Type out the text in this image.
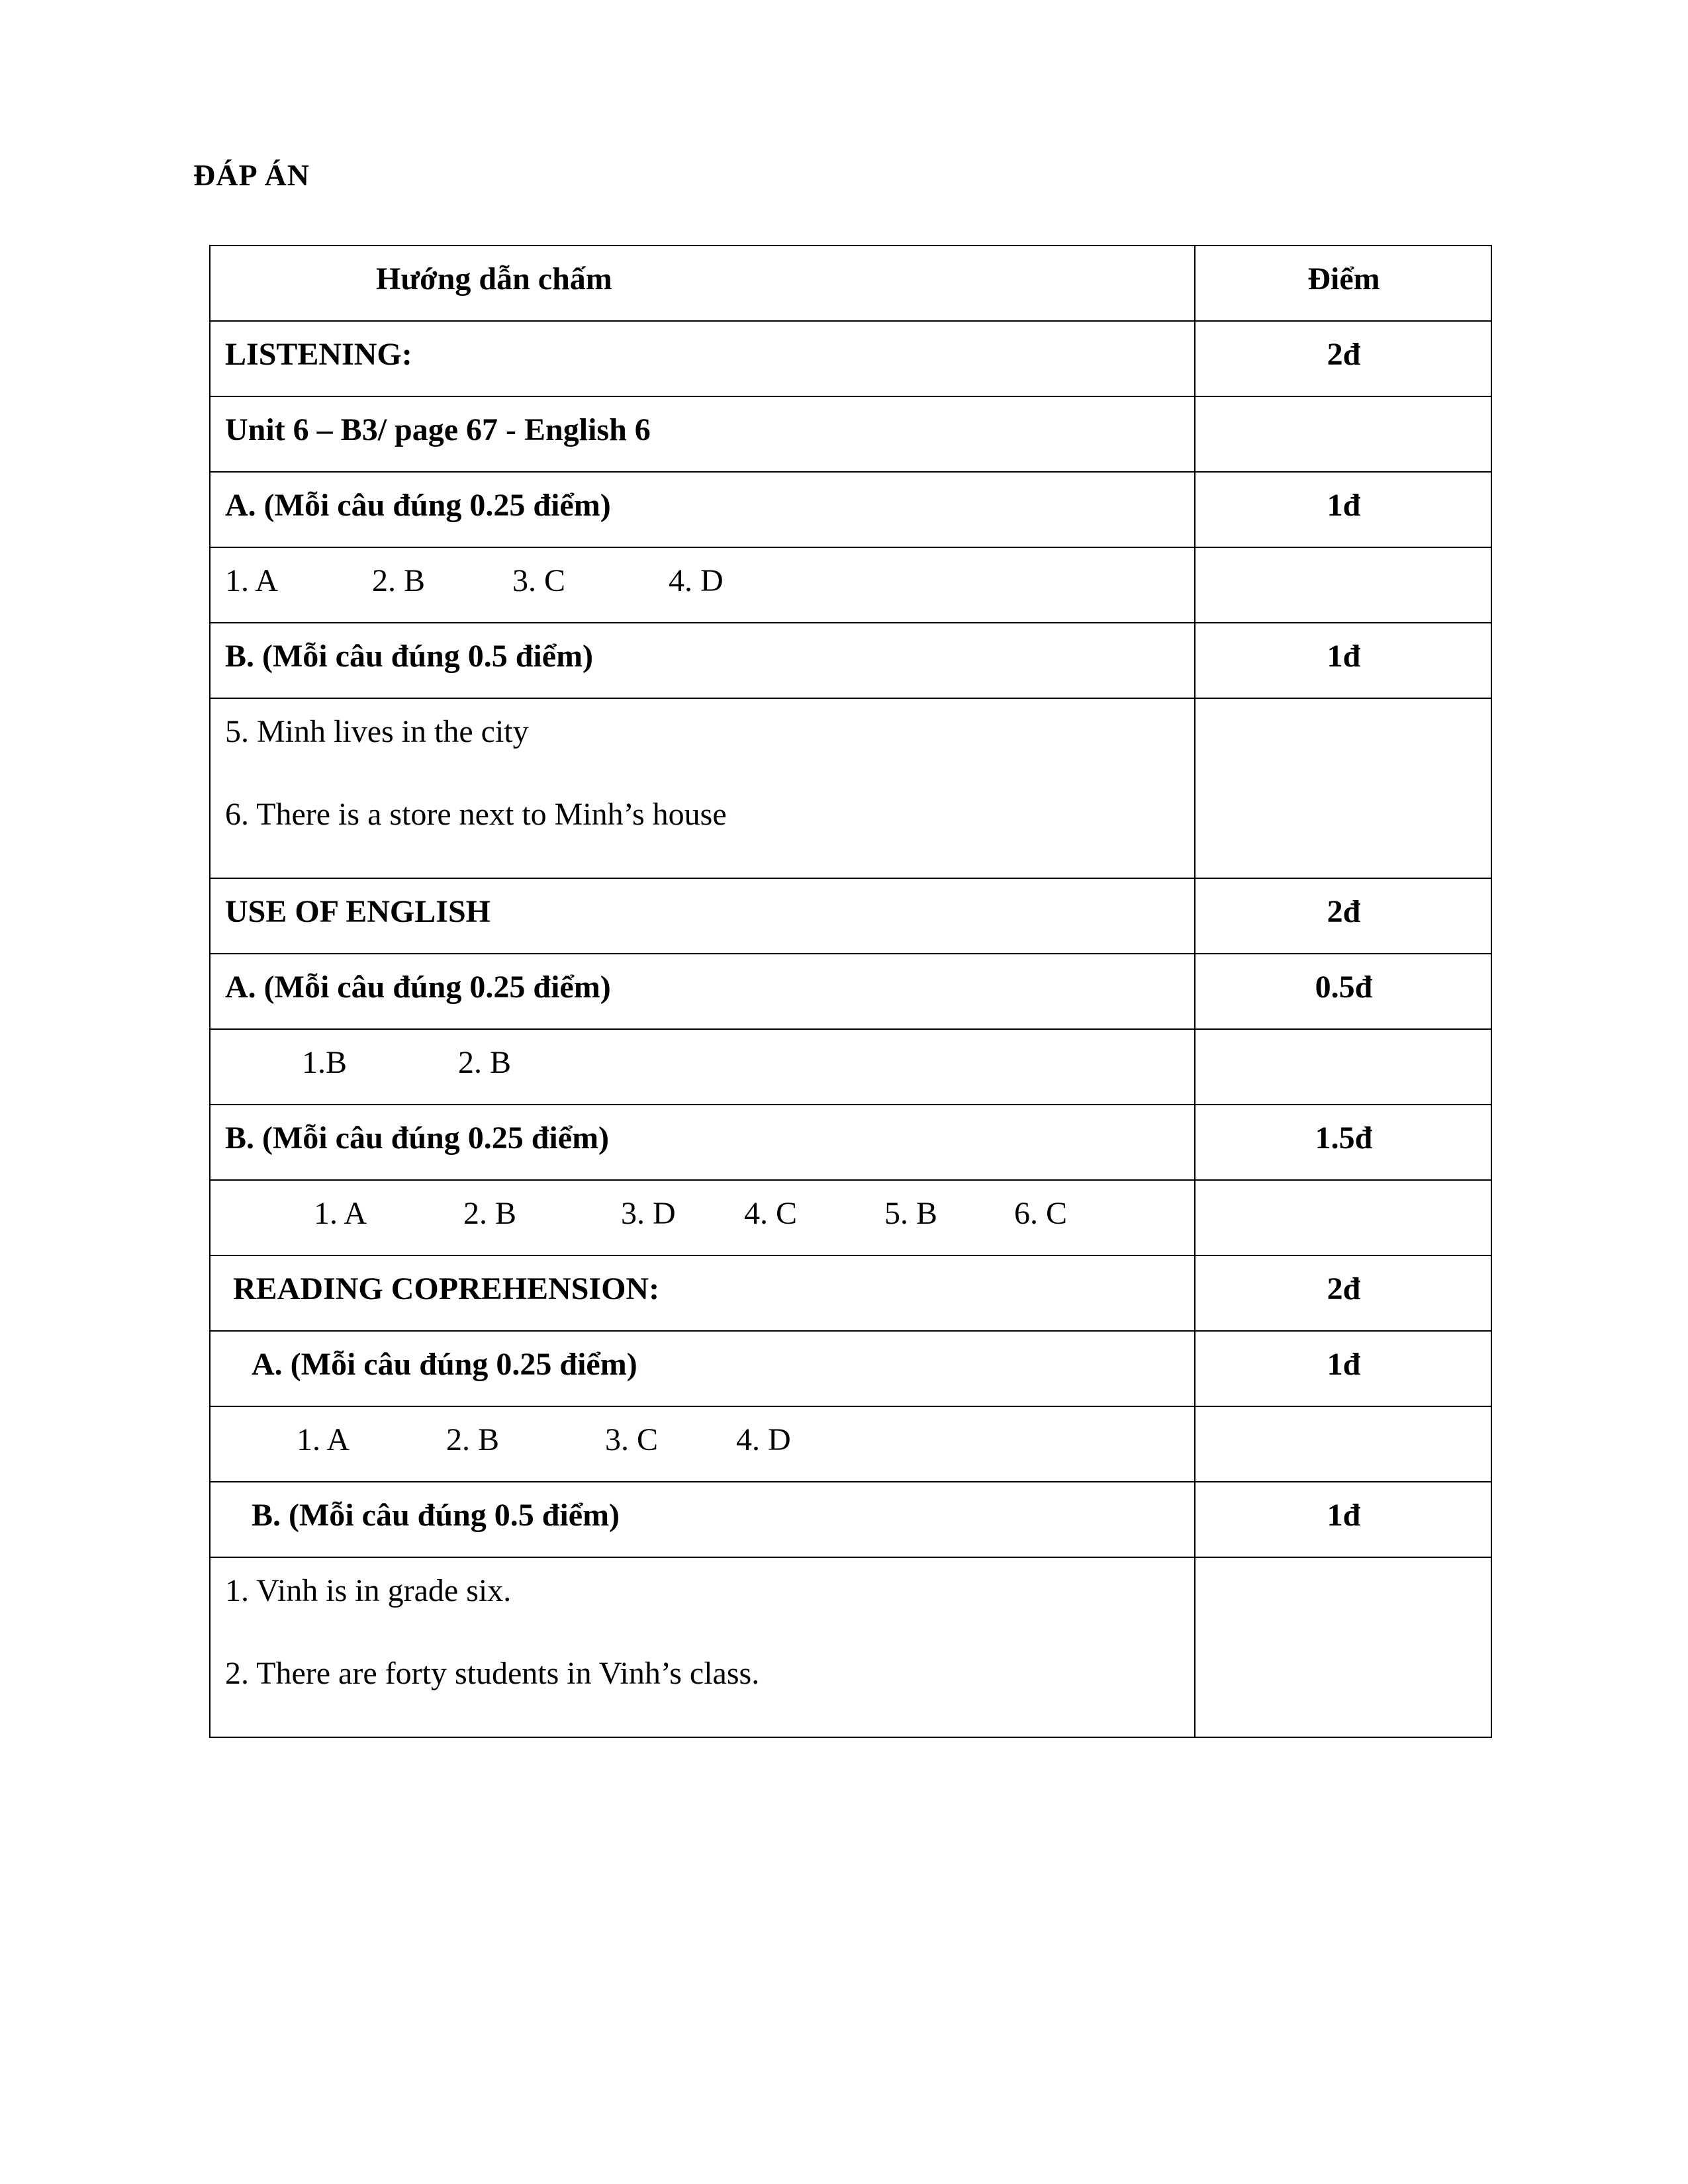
ĐÁP ÁN
Hướng dẫn chấm	Điểm
LISTENING:	2đ
Unit 6 – B3/ page 67 - English 6	
A. (Mỗi câu đúng 0.25 điểm)	1đ
1. A 2. B 3. C 4. D	
B. (Mỗi câu đúng 0.5 điểm)	1đ

5. Minh lives in the city

6. There is a store next to Minh’s house	

USE OF ENGLISH	2đ
A. (Mỗi câu đúng 0.25 điểm)	0.5đ
1.B 2. B	
B. (Mỗi câu đúng 0.25 điểm)	1.5đ
1. A 2. B 3. D 4. C 5. B 6. C	
READING COPREHENSION:	2đ
A. (Mỗi câu đúng 0.25 điểm)	1đ
1. A 2. B 3. C 4. D	
B. (Mỗi câu đúng 0.5 điểm)	1đ

1. Vinh is in grade six.

2. There are forty students in Vinh’s class.	
